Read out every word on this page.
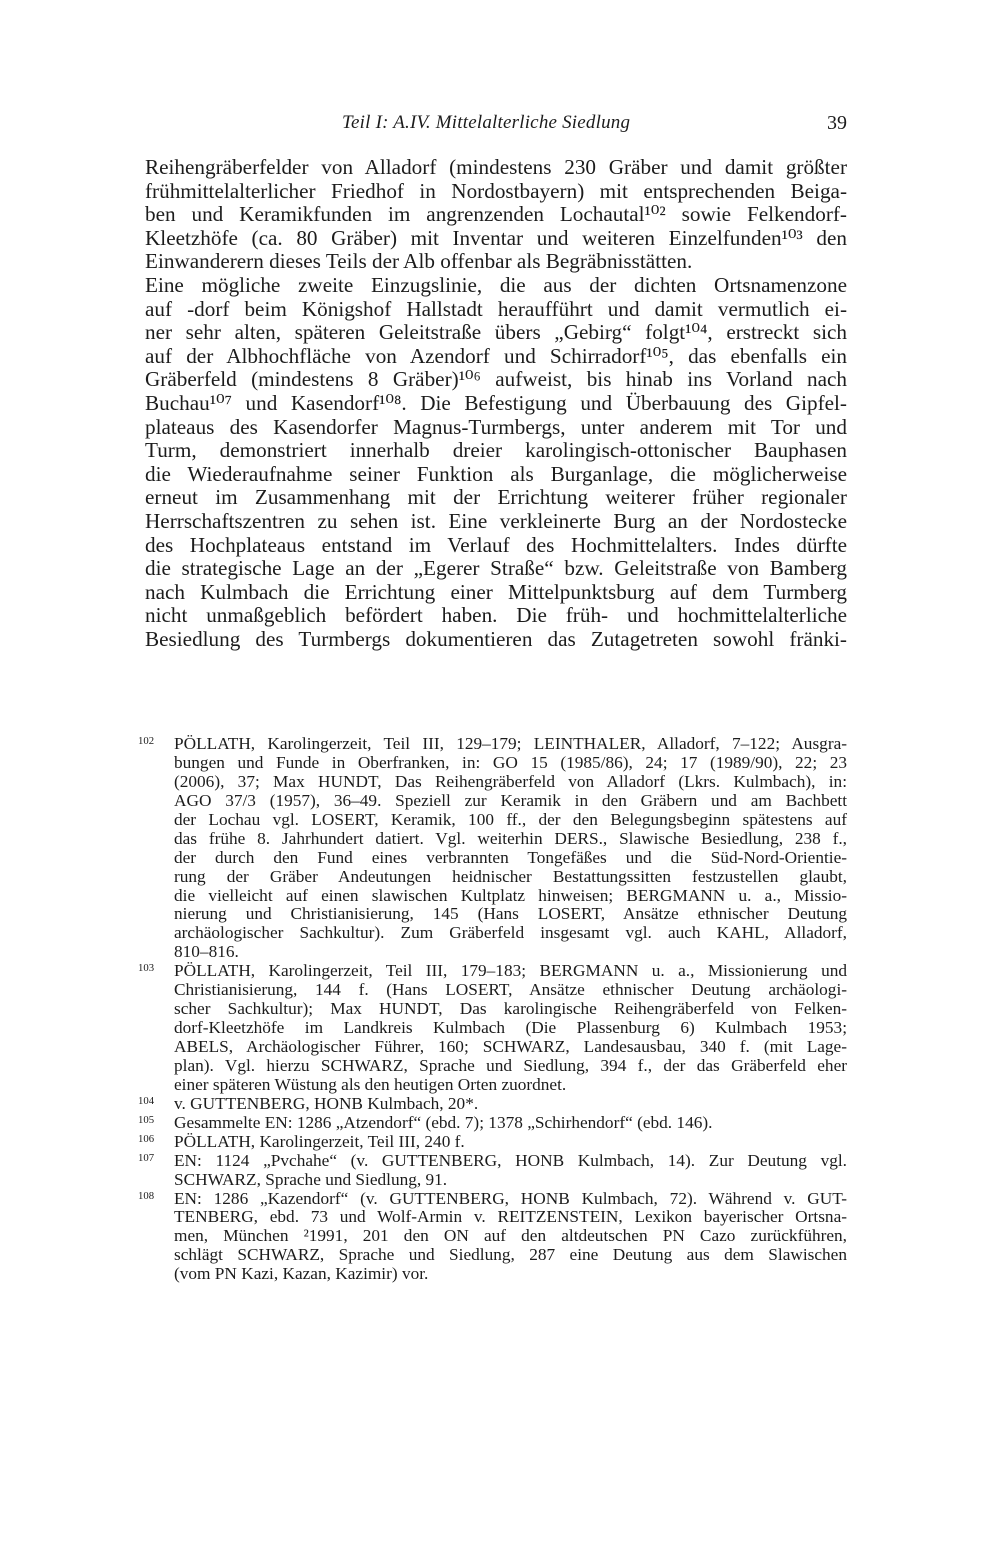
Teil I: A.IV. Mittelalterliche Siedlung	39
Reihengräberfelder von Alladorf (mindestens 230 Gräber und damit größter
frühmittelalterlicher Friedhof in Nordostbayern) mit entsprechenden Beiga-
ben und Keramikfunden im angrenzenden Lochautal¹⁰² sowie Felkendorf-
Kleetzhöfe (ca. 80 Gräber) mit Inventar und weiteren Einzelfunden¹⁰³ den
Einwanderern dieses Teils der Alb offenbar als Begräbnisstätten.
Eine mögliche zweite Einzugslinie, die aus der dichten Ortsnamenzone
auf -dorf beim Königshof Hallstadt heraufführt und damit vermutlich ei-
ner sehr alten, späteren Geleitstraße übers „Gebirg“ folgt¹⁰⁴, erstreckt sich
auf der Albhochfläche von Azendorf und Schirradorf¹⁰⁵, das ebenfalls ein
Gräberfeld (mindestens 8 Gräber)¹⁰⁶ aufweist, bis hinab ins Vorland nach
Buchau¹⁰⁷ und Kasendorf¹⁰⁸. Die Befestigung und Überbauung des Gipfel-
plateaus des Kasendorfer Magnus-Turmbergs, unter anderem mit Tor und
Turm, demonstriert innerhalb dreier karolingisch-ottonischer Bauphasen
die Wiederaufnahme seiner Funktion als Burganlage, die möglicherweise
erneut im Zusammenhang mit der Errichtung weiterer früher regionaler
Herrschaftszentren zu sehen ist. Eine verkleinerte Burg an der Nordostecke
des Hochplateaus entstand im Verlauf des Hochmittelalters. Indes dürfte
die strategische Lage an der „Egerer Straße“ bzw. Geleitstraße von Bamberg
nach Kulmbach die Errichtung einer Mittelpunktsburg auf dem Turmberg
nicht unmaßgeblich befördert haben. Die früh- und hochmittelalterliche
Besiedlung des Turmbergs dokumentieren das Zutagetreten sowohl fränki-
102	PÖLLATH, Karolingerzeit, Teil III, 129–179; LEINTHALER, Alladorf, 7–122; Ausgra-
bungen und Funde in Oberfranken, in: GO 15 (1985/86), 24; 17 (1989/90), 22; 23
(2006), 37; Max HUNDT, Das Reihengräberfeld von Alladorf (Lkrs. Kulmbach), in:
AGO 37/3 (1957), 36–49. Speziell zur Keramik in den Gräbern und am Bachbett
der Lochau vgl. LOSERT, Keramik, 100 ff., der den Belegungsbeginn spätestens auf
das frühe 8. Jahrhundert datiert. Vgl. weiterhin DERS., Slawische Besiedlung, 238 f.,
der durch den Fund eines verbrannten Tongefäßes und die Süd-Nord-Orientie-
rung der Gräber Andeutungen heidnischer Bestattungssitten festzustellen glaubt,
die vielleicht auf einen slawischen Kultplatz hinweisen; BERGMANN u. a., Missio-
nierung und Christianisierung, 145 (Hans LOSERT, Ansätze ethnischer Deutung
archäologischer Sachkultur). Zum Gräberfeld insgesamt vgl. auch KAHL, Alladorf,
810–816.
103	PÖLLATH, Karolingerzeit, Teil III, 179–183; BERGMANN u. a., Missionierung und
Christianisierung, 144 f. (Hans LOSERT, Ansätze ethnischer Deutung archäologi-
scher Sachkultur); Max HUNDT, Das karolingische Reihengräberfeld von Felken-
dorf-Kleetzhöfe im Landkreis Kulmbach (Die Plassenburg 6) Kulmbach 1953;
ABELS, Archäologischer Führer, 160; SCHWARZ, Landesausbau, 340 f. (mit Lage-
plan). Vgl. hierzu SCHWARZ, Sprache und Siedlung, 394 f., der das Gräberfeld eher
einer späteren Wüstung als den heutigen Orten zuordnet.
104	v. GUTTENBERG, HONB Kulmbach, 20*.
105	Gesammelte EN: 1286 „Atzendorf“ (ebd. 7); 1378 „Schirhendorf“ (ebd. 146).
106	PÖLLATH, Karolingerzeit, Teil III, 240 f.
107	EN: 1124 „Pvchahe“ (v. GUTTENBERG, HONB Kulmbach, 14). Zur Deutung vgl.
SCHWARZ, Sprache und Siedlung, 91.
108	EN: 1286 „Kazendorf“ (v. GUTTENBERG, HONB Kulmbach, 72). Während v. GUT-
TENBERG, ebd. 73 und Wolf-Armin v. REITZENSTEIN, Lexikon bayerischer Ortsna-
men, München ²1991, 201 den ON auf den altdeutschen PN Cazo zurückführen,
schlägt SCHWARZ, Sprache und Siedlung, 287 eine Deutung aus dem Slawischen
(vom PN Kazi, Kazan, Kazimir) vor.
